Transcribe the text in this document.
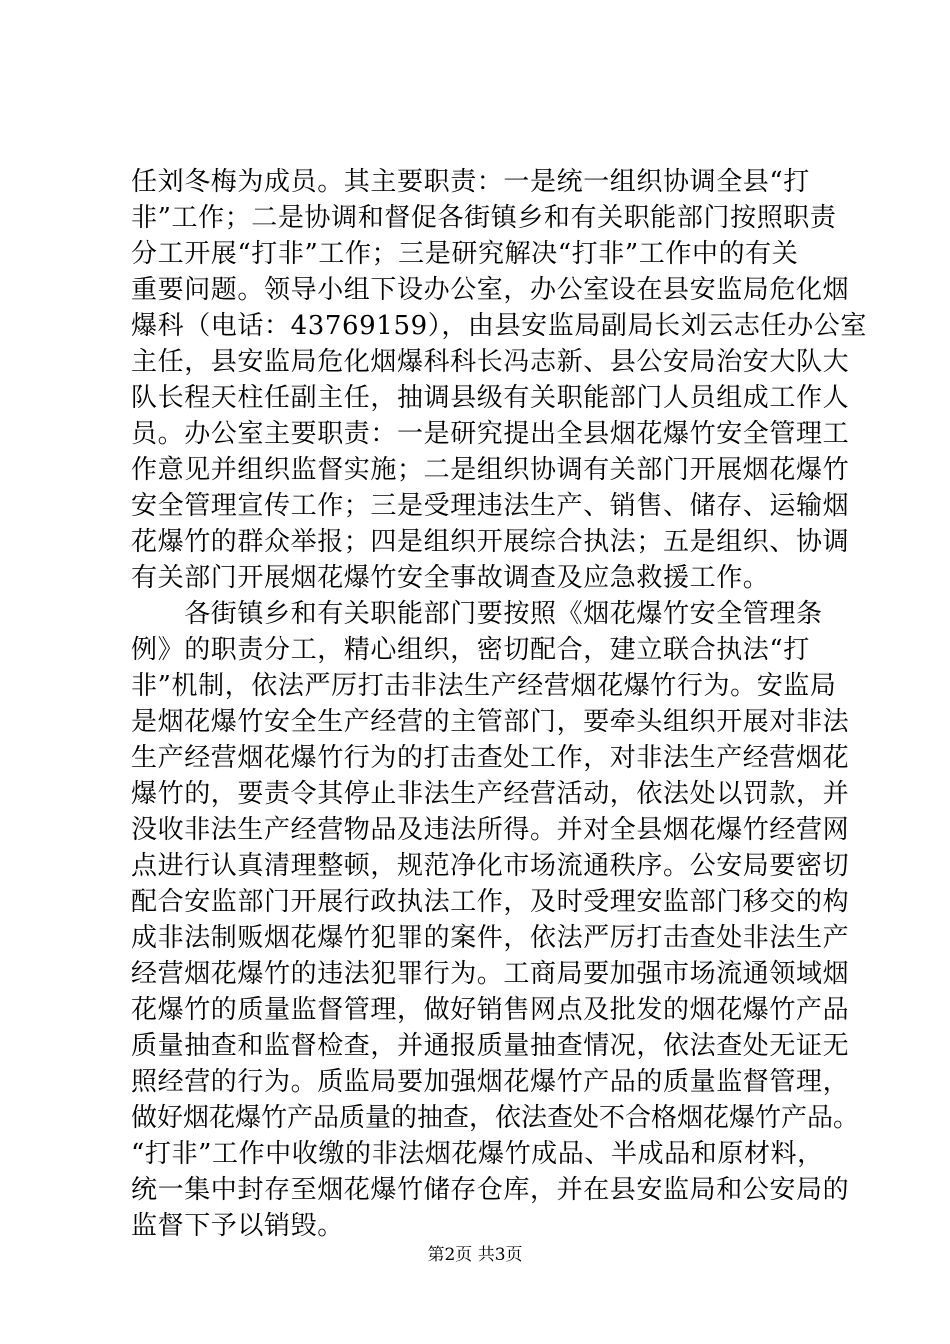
任刘冬梅为成员。其主要职责：一是统一组织协调全县“打
非”工作；二是协调和督促各街镇乡和有关职能部门按照职责
分工开展“打非”工作；三是研究解决“打非”工作中的有关
重要问题。领导小组下设办公室，办公室设在县安监局危化烟
爆科（电话：43769159），由县安监局副局长刘云志任办公室
主任，县安监局危化烟爆科科长冯志新、县公安局治安大队大
队长程天柱任副主任，抽调县级有关职能部门人员组成工作人
员。办公室主要职责：一是研究提出全县烟花爆竹安全管理工
作意见并组织监督实施；二是组织协调有关部门开展烟花爆竹
安全管理宣传工作；三是受理违法生产、销售、储存、运输烟
花爆竹的群众举报；四是组织开展综合执法；五是组织、协调
有关部门开展烟花爆竹安全事故调查及应急救援工作。
　　各街镇乡和有关职能部门要按照《烟花爆竹安全管理条
例》的职责分工，精心组织，密切配合，建立联合执法“打
非”机制，依法严厉打击非法生产经营烟花爆竹行为。安监局
是烟花爆竹安全生产经营的主管部门，要牵头组织开展对非法
生产经营烟花爆竹行为的打击查处工作，对非法生产经营烟花
爆竹的，要责令其停止非法生产经营活动，依法处以罚款，并
没收非法生产经营物品及违法所得。并对全县烟花爆竹经营网
点进行认真清理整顿，规范净化市场流通秩序。公安局要密切
配合安监部门开展行政执法工作，及时受理安监部门移交的构
成非法制贩烟花爆竹犯罪的案件，依法严厉打击查处非法生产
经营烟花爆竹的违法犯罪行为。工商局要加强市场流通领域烟
花爆竹的质量监督管理，做好销售网点及批发的烟花爆竹产品
质量抽查和监督检查，并通报质量抽查情况，依法查处无证无
照经营的行为。质监局要加强烟花爆竹产品的质量监督管理，
做好烟花爆竹产品质量的抽查，依法查处不合格烟花爆竹产品。
“打非”工作中收缴的非法烟花爆竹成品、半成品和原材料，
统一集中封存至烟花爆竹储存仓库，并在县安监局和公安局的
监督下予以销毁。
第2页 共3页
